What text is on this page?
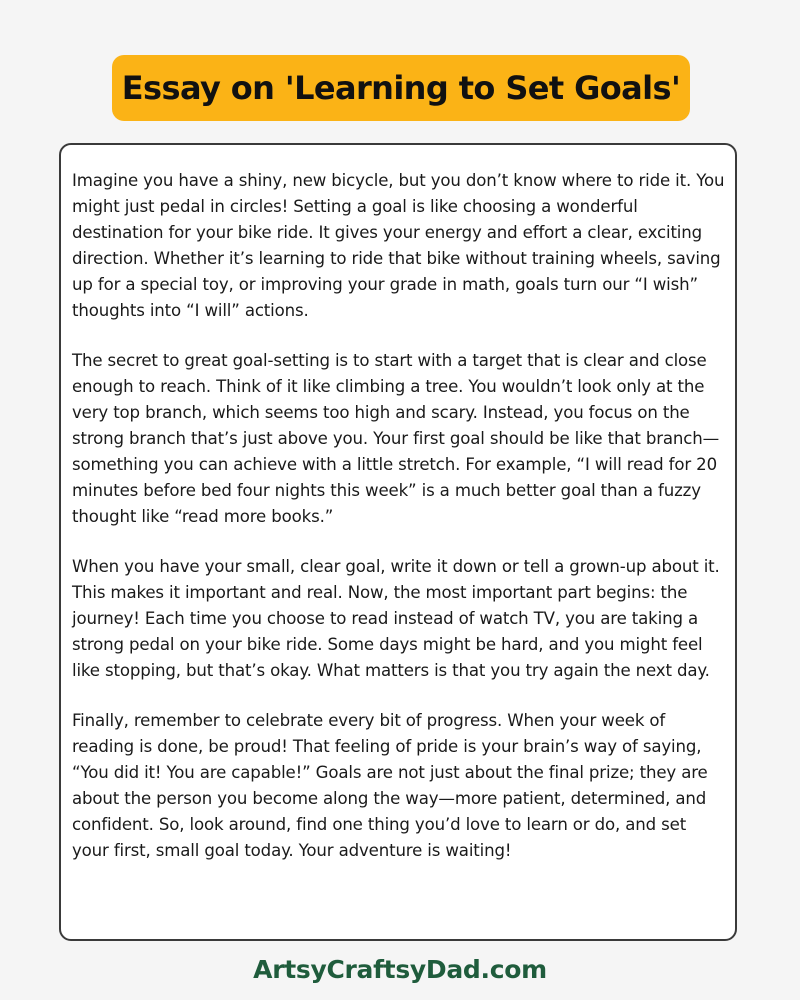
Essay on 'Learning to Set Goals'

Imagine you have a shiny, new bicycle, but you don’t know where to ride it. You might just pedal in circles! Setting a goal is like choosing a wonderful destination for your bike ride. It gives your energy and effort a clear, exciting direction. Whether it’s learning to ride that bike without training wheels, saving up for a special toy, or improving your grade in math, goals turn our “I wish” thoughts into “I will” actions.

The secret to great goal-setting is to start with a target that is clear and close enough to reach. Think of it like climbing a tree. You wouldn’t look only at the very top branch, which seems too high and scary. Instead, you focus on the strong branch that’s just above you. Your first goal should be like that branch—something you can achieve with a little stretch. For example, “I will read for 20 minutes before bed four nights this week” is a much better goal than a fuzzy thought like “read more books.”

When you have your small, clear goal, write it down or tell a grown-up about it. This makes it important and real. Now, the most important part begins: the journey! Each time you choose to read instead of watch TV, you are taking a strong pedal on your bike ride. Some days might be hard, and you might feel like stopping, but that’s okay. What matters is that you try again the next day.

Finally, remember to celebrate every bit of progress. When your week of reading is done, be proud! That feeling of pride is your brain’s way of saying, “You did it! You are capable!” Goals are not just about the final prize; they are about the person you become along the way—more patient, determined, and confident. So, look around, find one thing you’d love to learn or do, and set your first, small goal today. Your adventure is waiting!

ArtsyCraftsyDad.com
